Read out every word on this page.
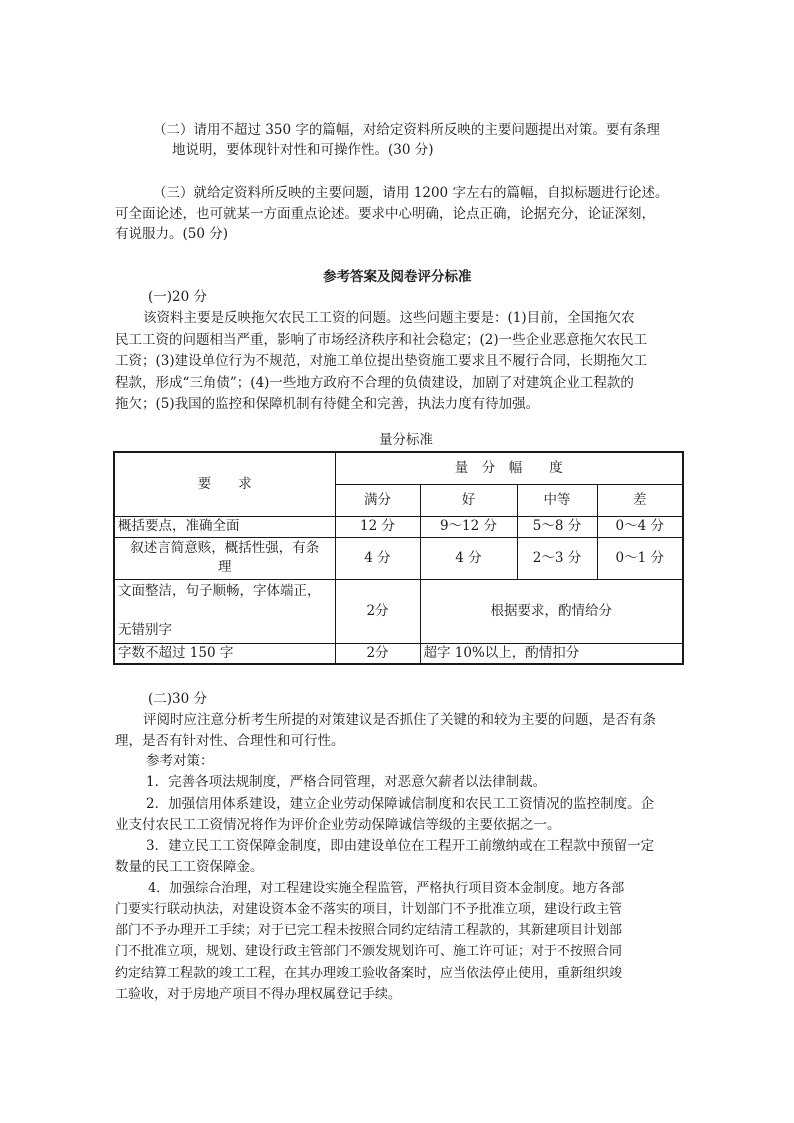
（二）请用不超过 350 字的篇幅，对给定资料所反映的主要问题提出对策。要有条理
地说明，要体现针对性和可操作性。(30 分)
（三）就给定资料所反映的主要问题，请用 1200 字左右的篇幅，自拟标题进行论述。
可全面论述，也可就某一方面重点论述。要求中心明确，论点正确，论据充分，论证深刻，
有说服力。(50 分)
参考答案及阅卷评分标准
(一)20 分
该资料主要是反映拖欠农民工工资的问题。这些问题主要是：(1)目前，全国拖欠农
民工工资的问题相当严重，影响了市场经济秩序和社会稳定；(2)一些企业恶意拖欠农民工
工资；(3)建设单位行为不规范，对施工单位提出垫资施工要求且不履行合同，长期拖欠工
程款，形成“三角债”；(4)一些地方政府不合理的负债建设，加剧了对建筑企业工程款的
拖欠；(5)我国的监控和保障机制有待健全和完善，执法力度有待加强。
量分标准
要　　求	量　分　幅　　度			
	满分	好	中等	差
概括要点，准确全面	12 分	9～12 分	5～8 分	0～4 分
叙述言简意赅，概括性强，有条
理	4 分	4 分	2～3 分	0～1 分

文面整洁，句子顺畅，字体端正，
无错别字	2分	根据要求，酌情给分		
字数不超过 150 字	2分	超字 10%以上，酌情扣分		
(二)30 分
评阅时应注意分析考生所提的对策建议是否抓住了关键的和较为主要的问题，是否有条
理，是否有针对性、合理性和可行性。
参考对策：
1．完善各项法规制度，严格合同管理，对恶意欠薪者以法律制裁。
2．加强信用体系建设，建立企业劳动保障诚信制度和农民工工资情况的监控制度。企
业支付农民工工资情况将作为评价企业劳动保障诚信等级的主要依据之一。
3．建立民工工资保障金制度，即由建设单位在工程开工前缴纳或在工程款中预留一定
数量的民工工资保障金。
4．加强综合治理，对工程建设实施全程监管，严格执行项目资本金制度。地方各部
门要实行联动执法，对建设资本金不落实的项目，计划部门不予批准立项，建设行政主管
部门不予办理开工手续；对于已完工程未按照合同约定结清工程款的，其新建项目计划部
门不批准立项，规划、建设行政主管部门不颁发规划许可、施工许可证；对于不按照合同
约定结算工程款的竣工工程，在其办理竣工验收备案时，应当依法停止使用，重新组织竣
工验收，对于房地产项目不得办理权属登记手续。
